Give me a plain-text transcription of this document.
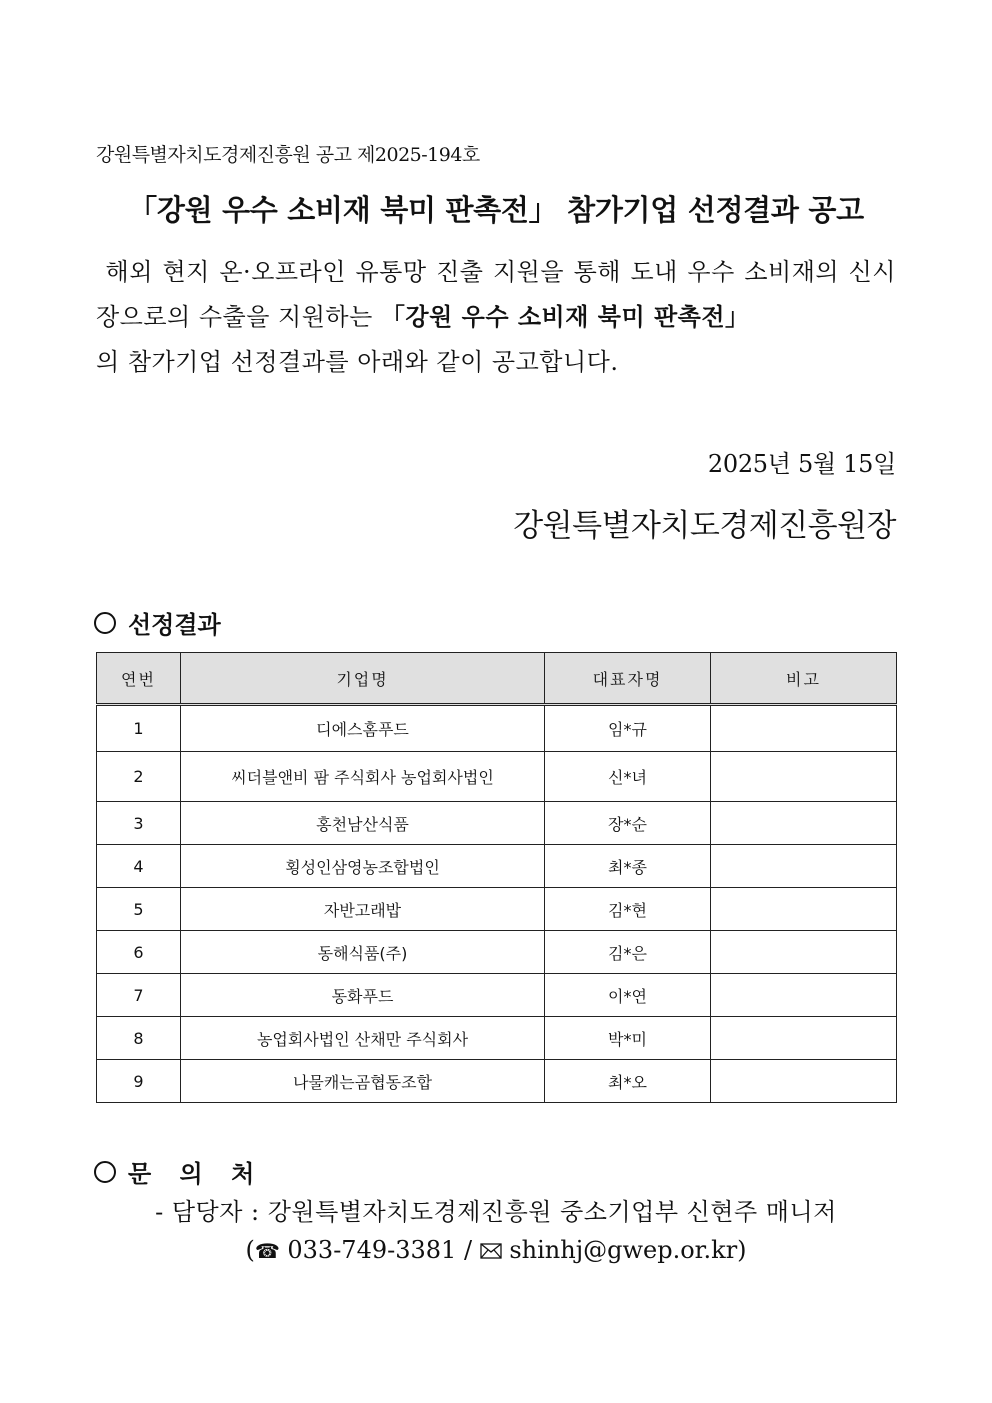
강원특별자치도경제진흥원 공고 제2025-194호
「강원 우수 소비재 북미 판촉전」 참가기업 선정결과 공고
해외 현지 온·오프라인 유통망 진출 지원을 통해 도내 우수 소비재의 신시장으로의 수출을 지원하는 「강원 우수 소비재 북미 판촉전」
의 참가기업 선정결과를 아래와 같이 공고합니다.
2025년 5월 15일
강원특별자치도경제진흥원장
선정결과
연번	기업명	대표자명	비고
1	디에스홈푸드	임*규	
2	씨더블앤비 팜 주식회사 농업회사법인	신*녀	
3	홍천남산식품	장*순	
4	횡성인삼영농조합법인	최*종	
5	자반고래밥	김*현	
6	동해식품(주)	김*은	
7	동화푸드	이*연	
8	농업회사법인 산채만 주식회사	박*미	
9	나물캐는곰협동조합	최*오	
문 의 처
- 담당자 : 강원특별자치도경제진흥원 중소기업부 신현주 매니저
(☎ 033-749-3381 / shinhj@gwep.or.kr)
